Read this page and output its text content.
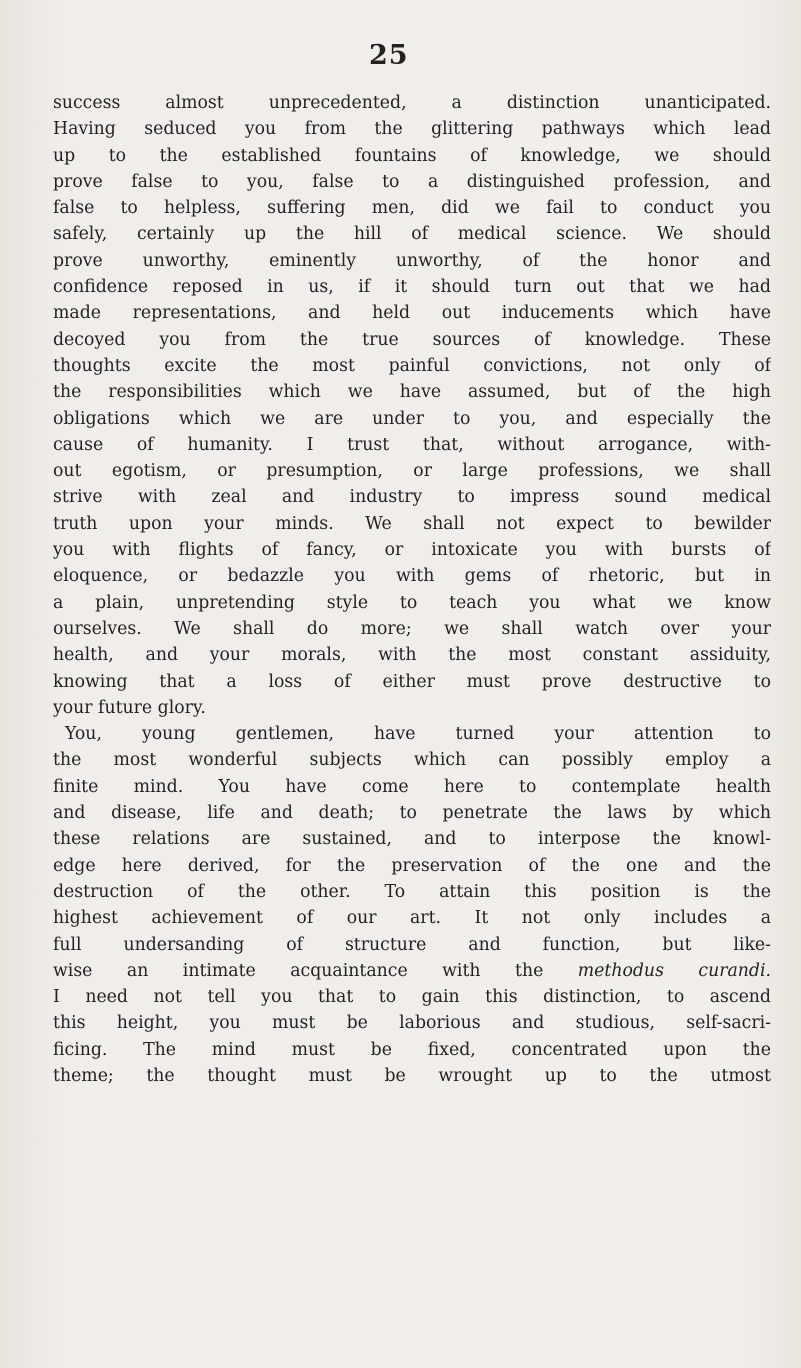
25
success almost unprecedented, a distinction unanticipated.
Having seduced you from the glittering pathways which lead
up to the established fountains of knowledge, we should
prove false to you, false to a distinguished profession, and
false to helpless, suffering men, did we fail to conduct you
safely, certainly up the hill of medical science. We should
prove unworthy, eminently unworthy, of the honor and
confidence reposed in us, if it should turn out that we had
made representations, and held out inducements which have
decoyed you from the true sources of knowledge. These
thoughts excite the most painful convictions, not only of
the responsibilities which we have assumed, but of the high
obligations which we are under to you, and especially the
cause of humanity. I trust that, without arrogance, with-
out egotism, or presumption, or large professions, we shall
strive with zeal and industry to impress sound medical
truth upon your minds. We shall not expect to bewilder
you with flights of fancy, or intoxicate you with bursts of
eloquence, or bedazzle you with gems of rhetoric, but in
a plain, unpretending style to teach you what we know
ourselves. We shall do more; we shall watch over your
health, and your morals, with the most constant assiduity,
knowing that a loss of either must prove destructive to
your future glory.
You, young gentlemen, have turned your attention to
the most wonderful subjects which can possibly employ a
finite mind. You have come here to contemplate health
and disease, life and death; to penetrate the laws by which
these relations are sustained, and to interpose the knowl-
edge here derived, for the preservation of the one and the
destruction of the other. To attain this position is the
highest achievement of our art. It not only includes a
full undersanding of structure and function, but like-
wise an intimate acquaintance with the methodus curandi.
I need not tell you that to gain this distinction, to ascend
this height, you must be laborious and studious, self-sacri-
ficing. The mind must be fixed, concentrated upon the
theme; the thought must be wrought up to the utmost
